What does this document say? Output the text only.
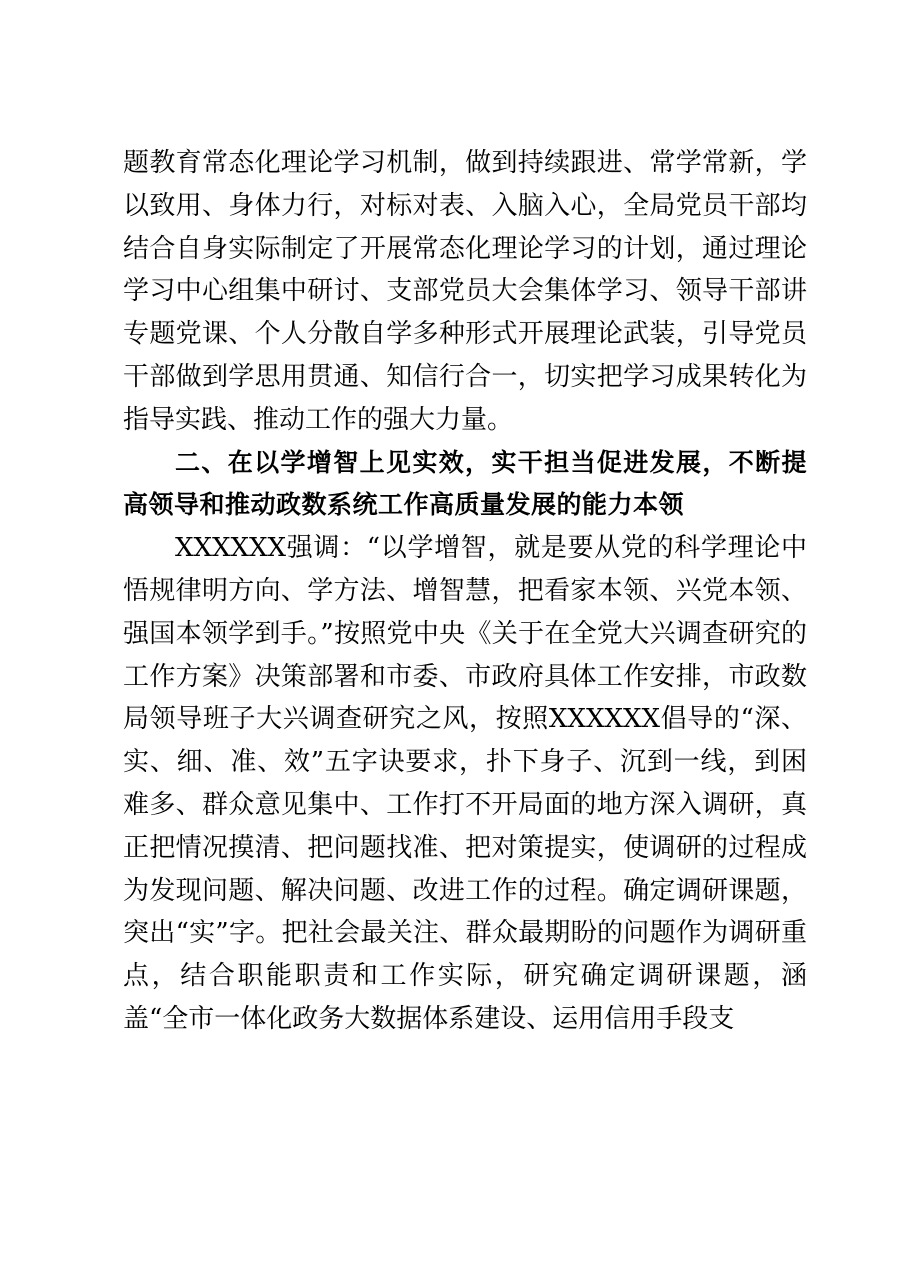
题教育常态化理论学习机制，做到持续跟进、常学常新，学以致用、身体力行，对标对表、入脑入心，全局党员干部均结合自身实际制定了开展常态化理论学习的计划，通过理论学习中心组集中研讨、支部党员大会集体学习、领导干部讲专题党课、个人分散自学多种形式开展理论武装，引导党员干部做到学思用贯通、知信行合一，切实把学习成果转化为指导实践、推动工作的强大力量。

二、在以学增智上见实效，实干担当促进发展，不断提高领导和推动政数系统工作高质量发展的能力本领

XXXXXX强调：“以学增智，就是要从党的科学理论中悟规律明方向、学方法、增智慧，把看家本领、兴党本领、强国本领学到手。”按照党中央《关于在全党大兴调查研究的工作方案》决策部署和市委、市政府具体工作安排，市政数局领导班子大兴调查研究之风，按照XXXXXX倡导的“深、实、细、准、效”五字诀要求，扑下身子、沉到一线，到困难多、群众意见集中、工作打不开局面的地方深入调研，真正把情况摸清、把问题找准、把对策提实，使调研的过程成为发现问题、解决问题、改进工作的过程。确定调研课题，突出“实”字。把社会最关注、群众最期盼的问题作为调研重点，结合职能职责和工作实际，研究确定调研课题，涵盖“全市一体化政务大数据体系建设、运用信用手段支
